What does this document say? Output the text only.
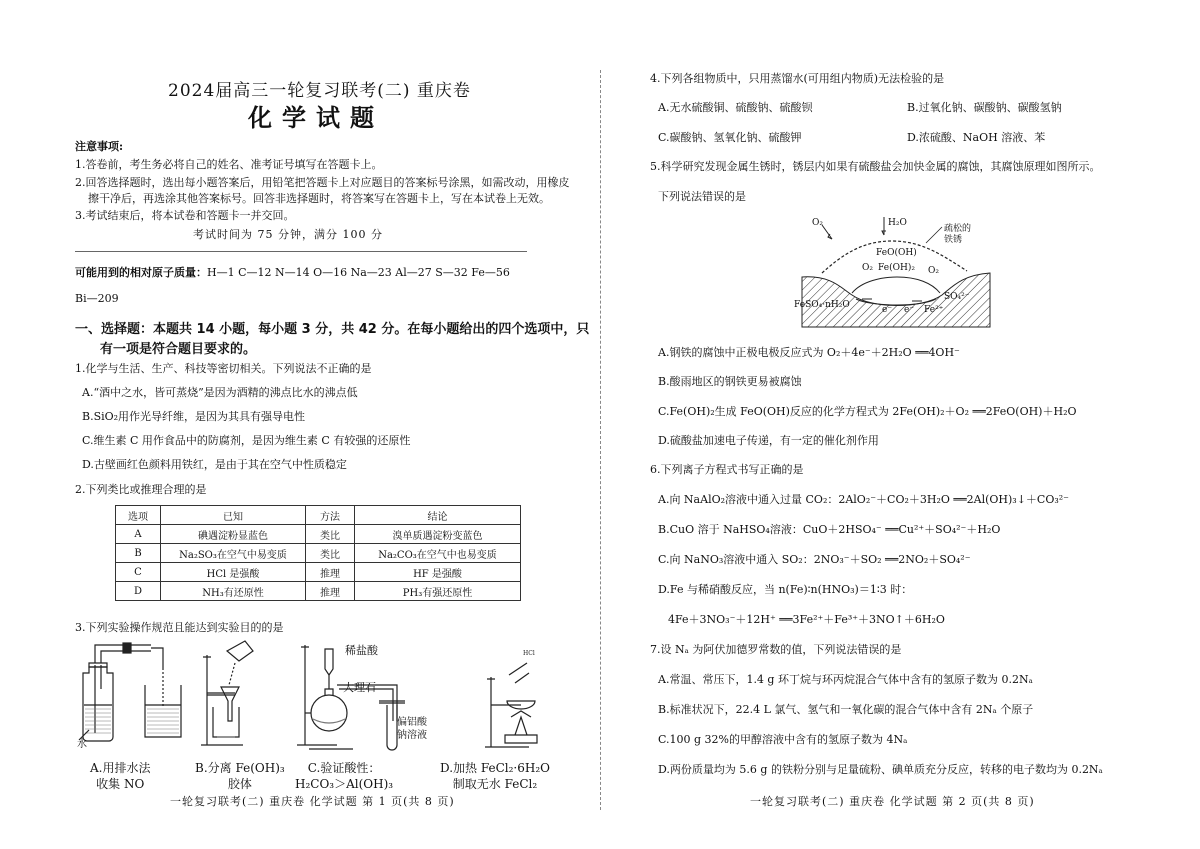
2024届高三一轮复习联考(二) 重庆卷
化学试题
注意事项:
1.答卷前，考生务必将自己的姓名、准考证号填写在答题卡上。
2.回答选择题时，选出每小题答案后，用铅笔把答题卡上对应题目的答案标号涂黑，如需改动，用橡皮
擦干净后，再选涂其他答案标号。回答非选择题时，将答案写在答题卡上，写在本试卷上无效。
3.考试结束后，将本试卷和答题卡一并交回。
考试时间为 75 分钟，满分 100 分
可能用到的相对原子质量：H—1 C—12 N—14 O—16 Na—23 Al—27 S—32 Fe—56
Bi—209
一、选择题：本题共 14 小题，每小题 3 分，共 42 分。在每小题给出的四个选项中，只
有一项是符合题目要求的。
1.化学与生活、生产、科技等密切相关。下列说法不正确的是
A.“酒中之水，皆可蒸烧”是因为酒精的沸点比水的沸点低
B.SiO₂用作光导纤维，是因为其具有强导电性
C.维生素 C 用作食品中的防腐剂，是因为维生素 C 有较强的还原性
D.古壁画红色颜料用铁红，是由于其在空气中性质稳定
2.下列类比或推理合理的是
选项	已知	方法	结论
A	碘遇淀粉显蓝色	类比	溴单质遇淀粉变蓝色
B	Na₂SO₃在空气中易变质	类比	Na₂CO₃在空气中也易变质
C	HCl 是强酸	推理	HF 是强酸
D	NH₃有还原性	推理	PH₃有强还原性
3.下列实验操作规范且能达到实验目的的是
HCl
水
稀盐酸
大理石
偏铝酸
钠溶液
A.用排水法
收集 NO
B.分离 Fe(OH)₃
胶体
C.验证酸性：
H₂CO₃＞Al(OH)₃
D.加热 FeCl₂·6H₂O
制取无水 FeCl₂
一轮复习联考(二) 重庆卷 化学试题 第 1 页(共 8 页)
4.下列各组物质中，只用蒸馏水(可用组内物质)无法检验的是
A.无水硫酸铜、硫酸钠、硫酸钡	B.过氧化钠、碳酸钠、碳酸氢钠
C.碳酸钠、氢氧化钠、硫酸钾	D.浓硫酸、NaOH 溶液、苯
5.科学研究发现金属生锈时，锈层内如果有硫酸盐会加快金属的腐蚀，其腐蚀原理如图所示。
下列说法错误的是
O₂	H₂O
疏松的
铁锈
FeO(OH)
Fe(OH)₂
O₂	O₂
SO₄²⁻
FeSO₄·nH₂O	e⁻ e⁻ Fe²⁺
A.钢铁的腐蚀中正极电极反应式为 O₂＋4e⁻＋2H₂O ══4OH⁻
B.酸雨地区的钢铁更易被腐蚀
C.Fe(OH)₂生成 FeO(OH)反应的化学方程式为 2Fe(OH)₂＋O₂ ══2FeO(OH)＋H₂O
D.硫酸盐加速电子传递，有一定的催化剂作用
6.下列离子方程式书写正确的是
A.向 NaAlO₂溶液中通入过量 CO₂：2AlO₂⁻＋CO₂＋3H₂O ══2Al(OH)₃↓＋CO₃²⁻
B.CuO 溶于 NaHSO₄溶液：CuO＋2HSO₄⁻ ══Cu²⁺＋SO₄²⁻＋H₂O
C.向 NaNO₃溶液中通入 SO₂：2NO₃⁻＋SO₂ ══2NO₂＋SO₄²⁻
D.Fe 与稀硝酸反应，当 n(Fe)∶n(HNO₃)＝1∶3 时：
4Fe＋3NO₃⁻＋12H⁺ ══3Fe²⁺＋Fe³⁺＋3NO↑＋6H₂O
7.设 Nₐ 为阿伏加德罗常数的值，下列说法错误的是
A.常温、常压下，1.4 g 环丁烷与环丙烷混合气体中含有的氢原子数为 0.2Nₐ
B.标准状况下，22.4 L 氯气、氢气和一氧化碳的混合气体中含有 2Nₐ 个原子
C.100 g 32%的甲醇溶液中含有的氢原子数为 4Nₐ
D.两份质量均为 5.6 g 的铁粉分别与足量硫粉、碘单质充分反应，转移的电子数均为 0.2Nₐ
一轮复习联考(二) 重庆卷 化学试题 第 2 页(共 8 页)
